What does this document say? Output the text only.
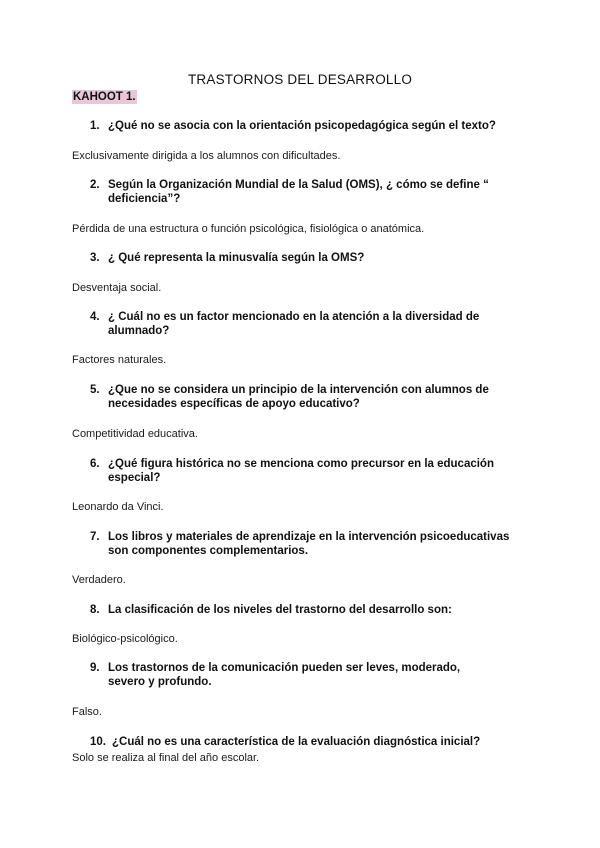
TRASTORNOS DEL DESARROLLO
KAHOOT 1.
1. ¿Qué no se asocia con la orientación psicopedagógica según el texto?
Exclusivamente dirigida a los alumnos con dificultades.
2. Según la Organización Mundial de la Salud (OMS), ¿ cómo se define “ deficiencia”?
Pérdida de una estructura o función psicológica, fisiológica o anatómica.
3. ¿ Qué representa la minusvalía según la OMS?
Desventaja social.
4. ¿ Cuál no es un factor mencionado en la atención a la diversidad de alumnado?
Factores naturales.
5. ¿Que no se considera un principio de la intervención con alumnos de necesidades específicas de apoyo educativo?
Competitividad educativa.
6. ¿Qué figura histórica no se menciona como precursor en la educación especial?
Leonardo da Vinci.
7. Los libros y materiales de aprendizaje en la intervención psicoeducativas son componentes complementarios.
Verdadero.
8. La clasificación de los niveles del trastorno del desarrollo son:
Biológico-psicológico.
9. Los trastornos de la comunicación pueden ser leves, moderado, severo y profundo.
Falso.
10. ¿Cuál no es una característica de la evaluación diagnóstica inicial?
Solo se realiza al final del año escolar.
